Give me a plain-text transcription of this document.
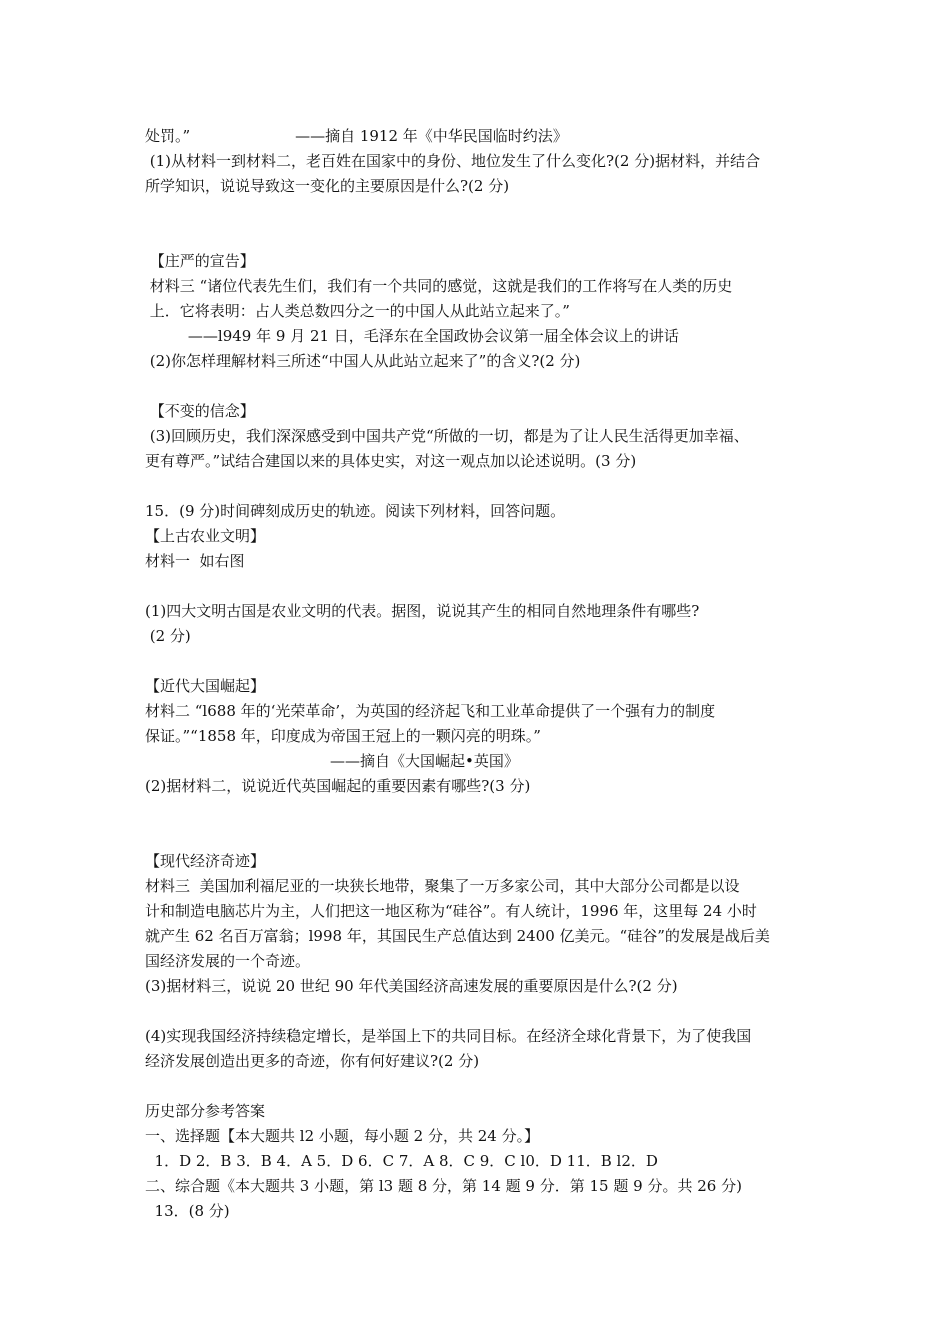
处罚。”                      ——摘自 1912 年《中华民国临时约法》
(1)从材料一到材料二，老百姓在国家中的身份、地位发生了什么变化?(2 分)据材料，并结合
所学知识，说说导致这一变化的主要原因是什么?(2 分)
【庄严的宣告】
材料三 “诸位代表先生们，我们有一个共同的感觉，这就是我们的工作将写在人类的历史
上．它将表明：占人类总数四分之一的中国人从此站立起来了。”
——l949 年 9 月 21 日，毛泽东在全国政协会议第一届全体会议上的讲话
(2)你怎样理解材料三所述“中国人从此站立起来了”的含义?(2 分)
【不变的信念】
(3)回顾历史，我们深深感受到中国共产党“所做的一切，都是为了让人民生活得更加幸福、
更有尊严。”试结合建国以来的具体史实，对这一观点加以论述说明。(3 分)
15．(9 分)时间碑刻成历史的轨迹。阅读下列材料，回答问题。
【上古农业文明】
材料一  如右图
(1)四大文明古国是农业文明的代表。据图，说说其产生的相同自然地理条件有哪些?
(2 分)
【近代大国崛起】
材料二 “l688 年的‘光荣革命’，为英国的经济起飞和工业革命提供了一个强有力的制度
保证。”“1858 年，印度成为帝国王冠上的一颗闪亮的明珠。”
——摘自《大国崛起•英国》
(2)据材料二，说说近代英国崛起的重要因素有哪些?(3 分)
【现代经济奇迹】
材料三  美国加利福尼亚的一块狭长地带，聚集了一万多家公司，其中大部分公司都是以设
计和制造电脑芯片为主，人们把这一地区称为“硅谷”。有人统计，1996 年，这里每 24 小时
就产生 62 名百万富翁；l998 年，其国民生产总值达到 2400 亿美元。“硅谷”的发展是战后美
国经济发展的一个奇迹。
(3)据材料三，说说 20 世纪 90 年代美国经济高速发展的重要原因是什么?(2 分)
(4)实现我国经济持续稳定增长，是举国上下的共同目标。在经济全球化背景下，为了使我国
经济发展创造出更多的奇迹，你有何好建议?(2 分)
历史部分参考答案
一、选择题【本大题共 l2 小题，每小题 2 分，共 24 分。】
1．D 2．B 3．B 4．A 5．D 6．C 7．A 8．C 9．C l0．D 11．B l2．D
二、综合题《本大题共 3 小题，第 l3 题 8 分，第 14 题 9 分．第 15 题 9 分。共 26 分)
13．(8 分)
